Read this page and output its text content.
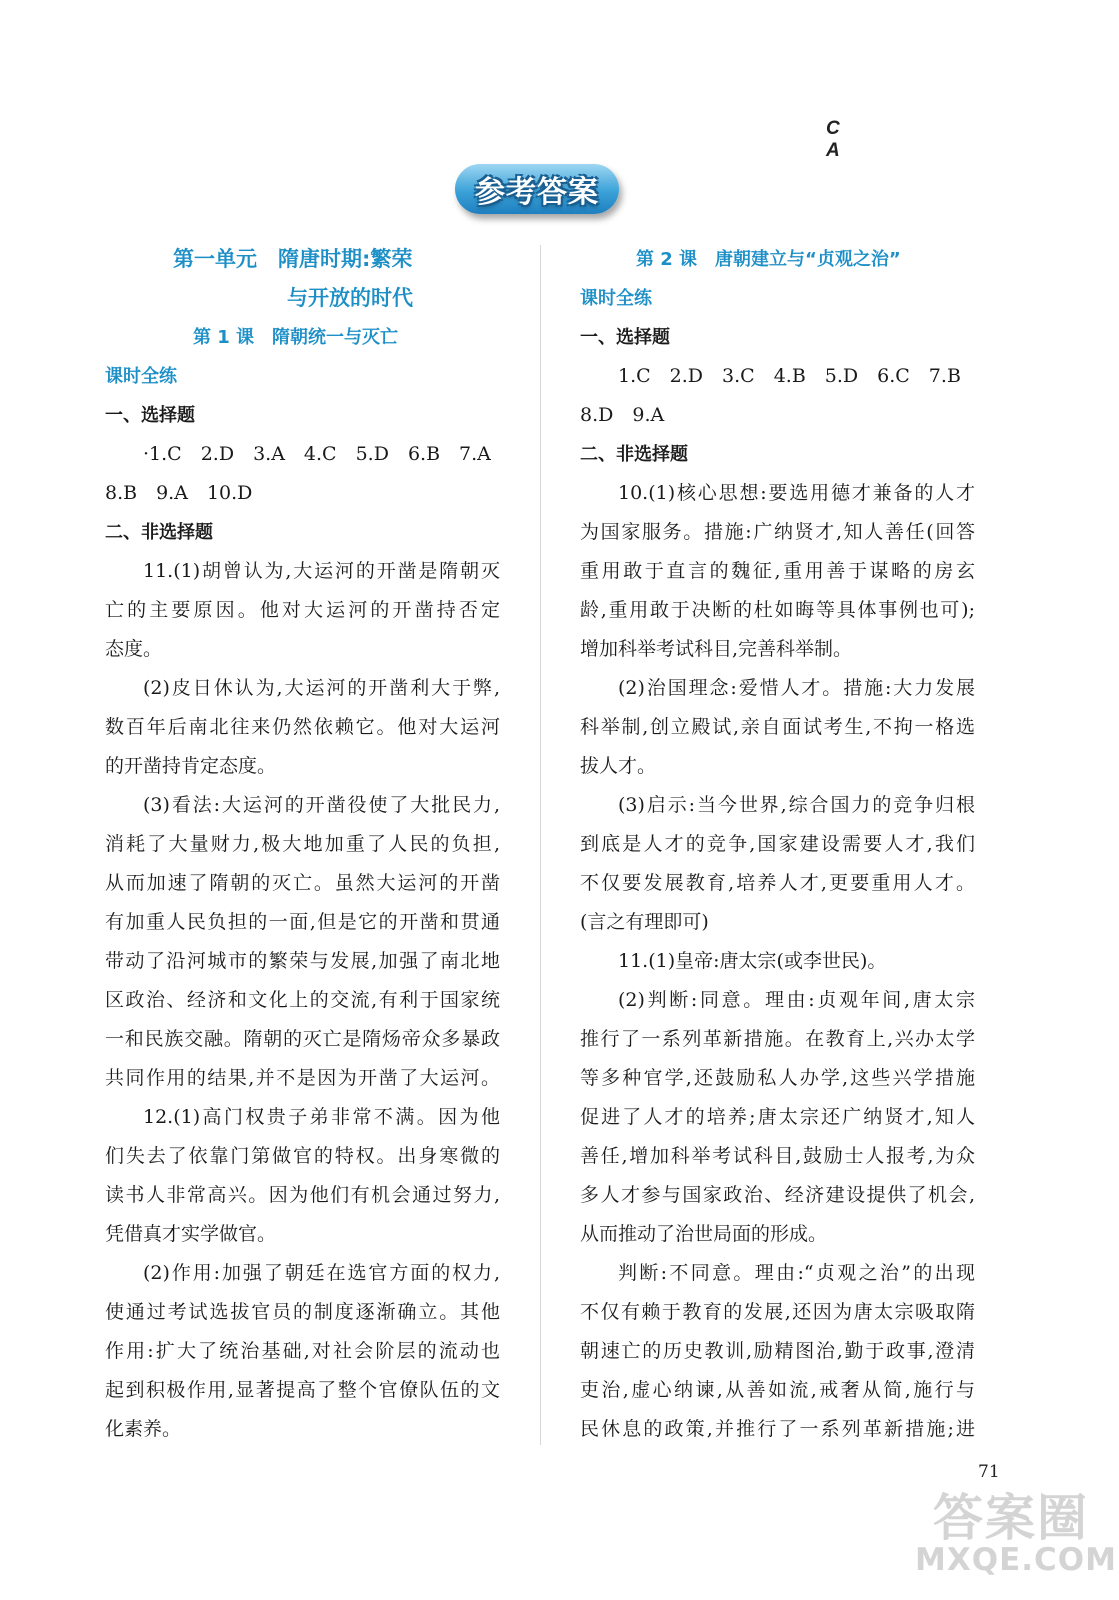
C
A
参考答案
第一单元　隋唐时期:繁荣
与开放的时代
第 1 课　隋朝统一与灭亡
课时全练
一、选择题
·1.C　2.D　3.A　4.C　5.D　6.B　7.A
8.B　9.A　10.D
二、非选择题
11.(1)胡曾认为,大运河的开凿是隋朝灭
亡的主要原因。他对大运河的开凿持否定
态度。
(2)皮日休认为,大运河的开凿利大于弊,
数百年后南北往来仍然依赖它。他对大运河
的开凿持肯定态度。
(3)看法:大运河的开凿役使了大批民力,
消耗了大量财力,极大地加重了人民的负担,
从而加速了隋朝的灭亡。虽然大运河的开凿
有加重人民负担的一面,但是它的开凿和贯通
带动了沿河城市的繁荣与发展,加强了南北地
区政治、经济和文化上的交流,有利于国家统
一和民族交融。隋朝的灭亡是隋炀帝众多暴政
共同作用的结果,并不是因为开凿了大运河。
12.(1)高门权贵子弟非常不满。因为他
们失去了依靠门第做官的特权。出身寒微的
读书人非常高兴。因为他们有机会通过努力,
凭借真才实学做官。
(2)作用:加强了朝廷在选官方面的权力,
使通过考试选拔官员的制度逐渐确立。其他
作用:扩大了统治基础,对社会阶层的流动也
起到积极作用,显著提高了整个官僚队伍的文
化素养。
第 2 课　唐朝建立与“贞观之治”
课时全练
一、选择题
1.C　2.D　3.C　4.B　5.D　6.C　7.B
8.D　9.A
二、非选择题
10.(1)核心思想:要选用德才兼备的人才
为国家服务。措施:广纳贤才,知人善任(回答
重用敢于直言的魏征,重用善于谋略的房玄
龄,重用敢于决断的杜如晦等具体事例也可);
增加科举考试科目,完善科举制。
(2)治国理念:爱惜人才。措施:大力发展
科举制,创立殿试,亲自面试考生,不拘一格选
拔人才。
(3)启示:当今世界,综合国力的竞争归根
到底是人才的竞争,国家建设需要人才,我们
不仅要发展教育,培养人才,更要重用人才。
(言之有理即可)
11.(1)皇帝:唐太宗(或李世民)。
(2)判断:同意。理由:贞观年间,唐太宗
推行了一系列革新措施。在教育上,兴办太学
等多种官学,还鼓励私人办学,这些兴学措施
促进了人才的培养;唐太宗还广纳贤才,知人
善任,增加科举考试科目,鼓励士人报考,为众
多人才参与国家政治、经济建设提供了机会,
从而推动了治世局面的形成。
判断:不同意。理由:“贞观之治”的出现
不仅有赖于教育的发展,还因为唐太宗吸取隋
朝速亡的历史教训,励精图治,勤于政事,澄清
吏治,虚心纳谏,从善如流,戒奢从简,施行与
民休息的政策,并推行了一系列革新措施;进
71
答案圈
MXQE.COM
